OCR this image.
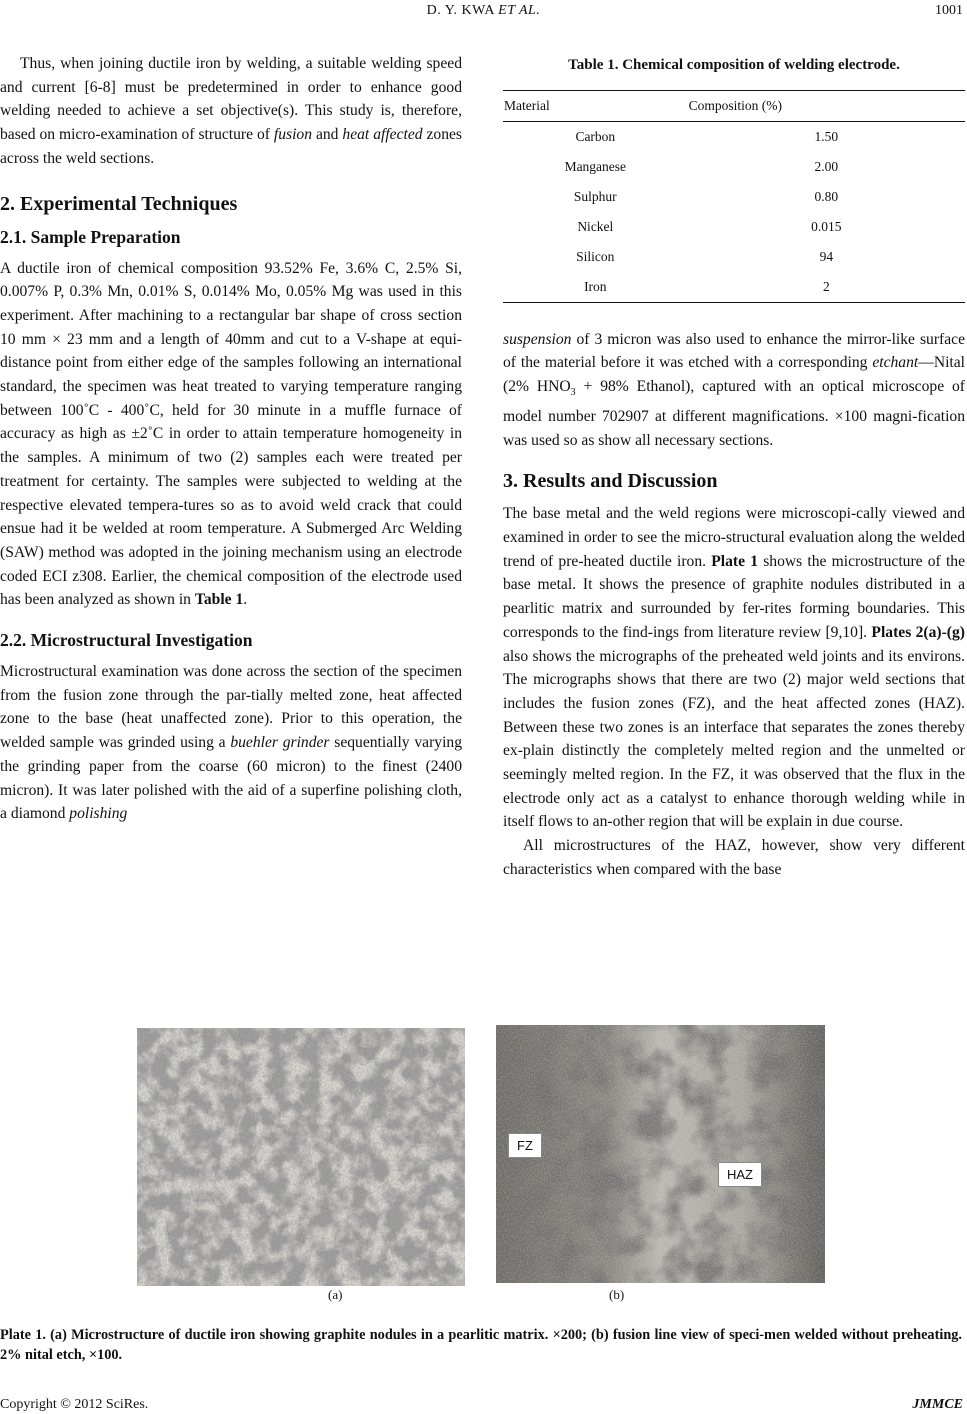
D. Y. KWA ET AL.	1001

Thus, when joining ductile iron by welding, a suitable welding speed and current [6-8] must be predetermined in order to enhance good welding needed to achieve a set objective(s). This study is, therefore, based on micro-examination of structure of fusion and heat affected zones across the weld sections.

2. Experimental Techniques
2.1. Sample Preparation

A ductile iron of chemical composition 93.52% Fe, 3.6% C, 2.5% Si, 0.007% P, 0.3% Mn, 0.01% S, 0.014% Mo, 0.05% Mg was used in this experiment. After machining to a rectangular bar shape of cross section 10 mm × 23 mm and a length of 40mm and cut to a V-shape at equi-distance point from either edge of the samples following an international standard, the specimen was heat treated to varying temperature ranging between 100˚C - 400˚C, held for 30 minute in a muffle furnace of accuracy as high as ±2˚C in order to attain temperature homogeneity in the samples. A minimum of two (2) samples each were treated per treatment for certainty. The samples were subjected to welding at the respective elevated tempera-tures so as to avoid weld crack that could ensue had it be welded at room temperature. A Submerged Arc Welding (SAW) method was adopted in the joining mechanism using an electrode coded ECI z308. Earlier, the chemical composition of the electrode used has been analyzed as shown in Table 1.

2.2. Microstructural Investigation

Microstructural examination was done across the section of the specimen from the fusion zone through the par-tially melted zone, heat affected zone to the base (heat unaffected zone). Prior to this operation, the welded sample was grinded using a buehler grinder sequentially varying the grinding paper from the coarse (60 micron) to the finest (2400 micron). It was later polished with the aid of a superfine polishing cloth, a diamond polishing

Table 1. Chemical composition of welding electrode.
Material	Composition (%)
Carbon	1.50
Manganese	2.00
Sulphur	0.80
Nickel	0.015
Silicon	94
Iron	2

suspension of 3 micron was also used to enhance the mirror-like surface of the material before it was etched with a corresponding etchant—Nital (2% $HNO_3 + 98\%$ Ethanol), captured with an optical microscope of model number 702907 at different magnifications. ×100 magni-fication was used so as show all necessary sections.

3. Results and Discussion

The base metal and the weld regions were microscopi-cally viewed and examined in order to see the micro-structural evaluation along the welded trend of pre-heated ductile iron. Plate 1 shows the microstructure of the base metal. It shows the presence of graphite nodules distributed in a pearlitic matrix and surrounded by fer-rites forming boundaries. This corresponds to the find-ings from literature review [9,10]. Plates 2(a)-(g) also shows the micrographs of the preheated weld joints and its environs. The micrographs shows that there are two (2) major weld sections that includes the fusion zones (FZ), and the heat affected zones (HAZ). Between these two zones is an interface that separates the zones thereby ex-plain distinctly the completely melted region and the unmelted or seemingly melted region. In the FZ, it was observed that the flux in the electrode only act as a catalyst to enhance thorough welding while in itself flows to an-other region that will be explain in due course.

All microstructures of the HAZ, however, show very different characteristics when compared with the base

FZ
HAZ
(a)	(b)
Plate 1. (a) Microstructure of ductile iron showing graphite nodules in a pearlitic matrix. ×200; (b) fusion line view of speci-men welded without preheating. 2% nital etch, ×100.
Copyright © 2012 SciRes.	JMMCE
